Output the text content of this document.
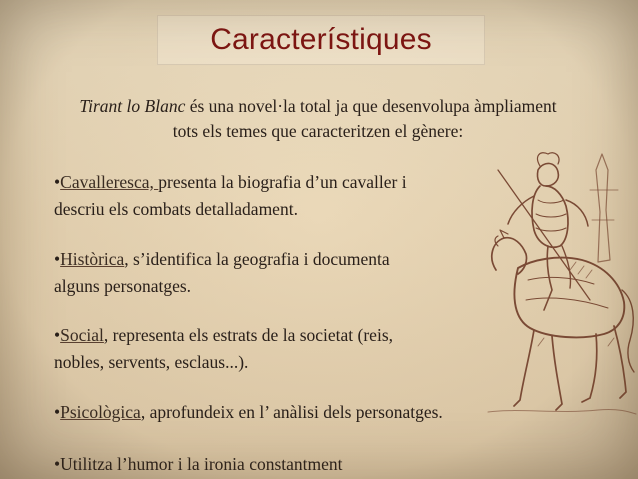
Característiques
Tirant lo Blanc és una novel·la total ja que desenvolupa àmpliament
tots els temes que caracteritzen el gènere:
•Cavalleresca, presenta la biografia d’un cavaller i
descriu els combats detalladament.
•Històrica, s’identifica la geografia i documenta
alguns personatges.
•Social, representa els estrats de la societat (reis,
nobles, servents, esclaus...).
•Psicològica, aprofundeix en l’ anàlisi dels personatges.
•Utilitza l’humor i la ironia constantment
